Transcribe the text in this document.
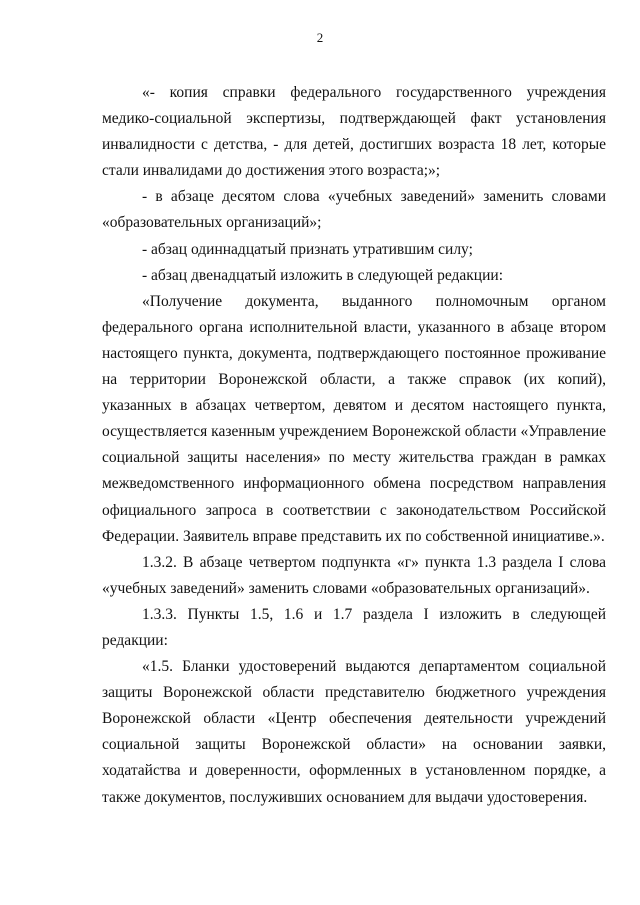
2

«- копия справки федерального государственного учреждения медико-социальной экспертизы, подтверждающей факт установления инвалидности с детства, - для детей, достигших возраста 18 лет, которые стали инвалидами до достижения этого возраста;»;

- в абзаце десятом слова «учебных заведений» заменить словами «образовательных организаций»;

- абзац одиннадцатый признать утратившим силу;

- абзац двенадцатый изложить в следующей редакции:

«Получение документа, выданного полномочным органом федерального органа исполнительной власти, указанного в абзаце втором настоящего пункта, документа, подтверждающего постоянное проживание на территории Воронежской области, а также справок (их копий), указанных в абзацах четвертом, девятом и десятом настоящего пункта, осуществляется казенным учреждением Воронежской области «Управление социальной защиты населения» по месту жительства граждан в рамках межведомственного информационного обмена посредством направления официального запроса в соответствии с законодательством Российской Федерации. Заявитель вправе представить их по собственной инициативе.».

1.3.2. В абзаце четвертом подпункта «г» пункта 1.3 раздела I слова «учебных заведений» заменить словами «образовательных организаций».

1.3.3. Пункты 1.5, 1.6 и 1.7 раздела I изложить в следующей редакции:

«1.5. Бланки удостоверений выдаются департаментом социальной защиты Воронежской области представителю бюджетного учреждения Воронежской области «Центр обеспечения деятельности учреждений социальной защиты Воронежской области» на основании заявки, ходатайства и доверенности, оформленных в установленном порядке, а также документов, послуживших основанием для выдачи удостоверения.
